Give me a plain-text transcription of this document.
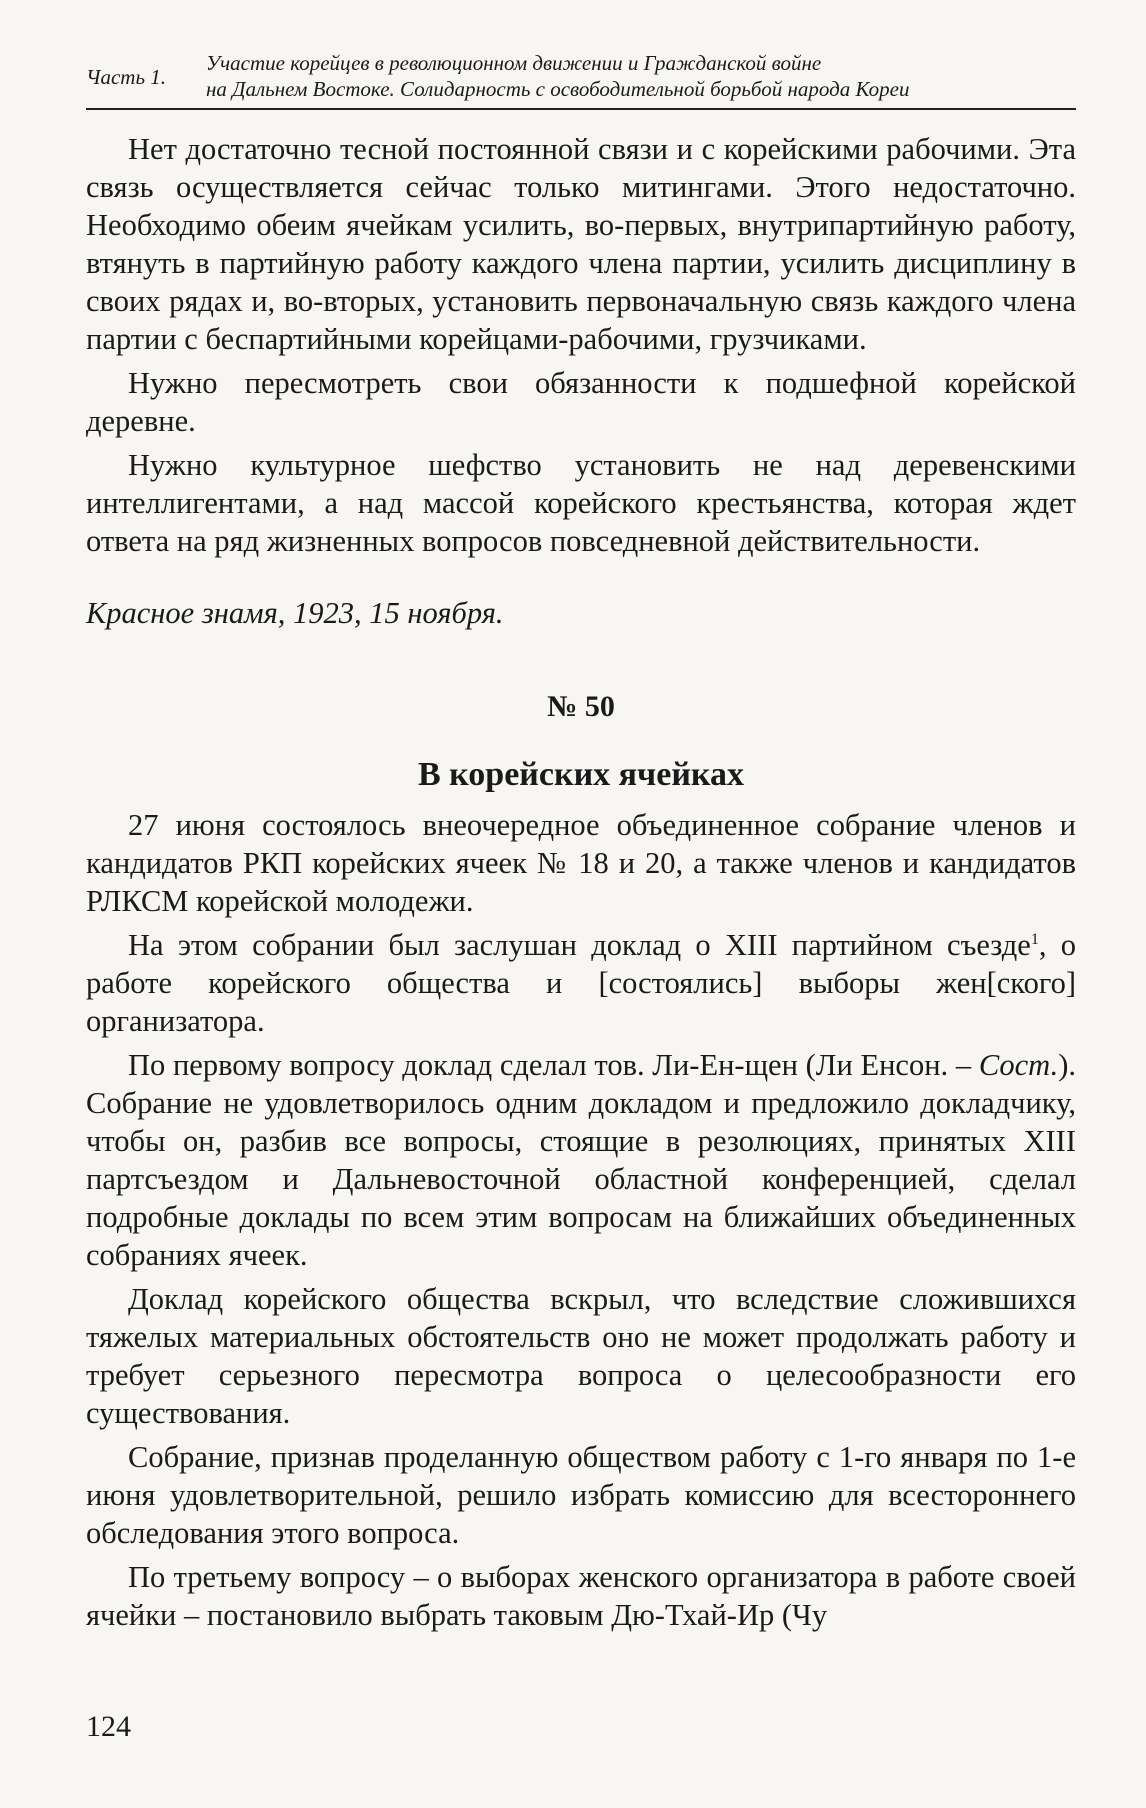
Часть 1.
Участие корейцев в революционном движении и Гражданской войне
на Дальнем Востоке. Солидарность с освободительной борьбой народа Кореи

Нет достаточно тесной постоянной связи и с корейскими рабочими. Эта связь осуществляется сейчас только митингами. Этого недостаточно. Необходимо обеим ячейкам усилить, во-первых, внутрипартийную работу, втянуть в партийную работу каждого члена партии, усилить дисциплину в своих рядах и, во-вторых, установить первоначальную связь каждого члена партии с беспартийными корейцами-рабочими, грузчиками.

Нужно пересмотреть свои обязанности к подшефной корейской деревне.

Нужно культурное шефство установить не над деревенскими интеллигентами, а над массой корейского крестьянства, которая ждет ответа на ряд жизненных вопросов повседневной действительности.

Красное знамя, 1923, 15 ноября.

№ 50

В корейских ячейках

27 июня состоялось внеочередное объединенное собрание членов и кандидатов РКП корейских ячеек № 18 и 20, а также членов и кандидатов РЛКСМ корейской молодежи.

На этом собрании был заслушан доклад о XIII партийном съезде$^1$, о работе корейского общества и [состоялись] выборы жен[ского] организатора.

По первому вопросу доклад сделал тов. Ли-Ен-щен (Ли Енсон. – Сост.). Собрание не удовлетворилось одним докладом и предложило докладчику, чтобы он, разбив все вопросы, стоящие в резолюциях, принятых XIII партсъездом и Дальневосточной областной конференцией, сделал подробные доклады по всем этим вопросам на ближайших объединенных собраниях ячеек.

Доклад корейского общества вскрыл, что вследствие сложившихся тяжелых материальных обстоятельств оно не может продолжать работу и требует серьезного пересмотра вопроса о целесообразности его существования.

Собрание, признав проделанную обществом работу с 1-го января по 1-е июня удовлетворительной, решило избрать комиссию для всестороннего обследования этого вопроса.

По третьему вопросу – о выборах женского организатора в работе своей ячейки – постановило выбрать таковым Дю-Тхай-Ир (Чу

124
